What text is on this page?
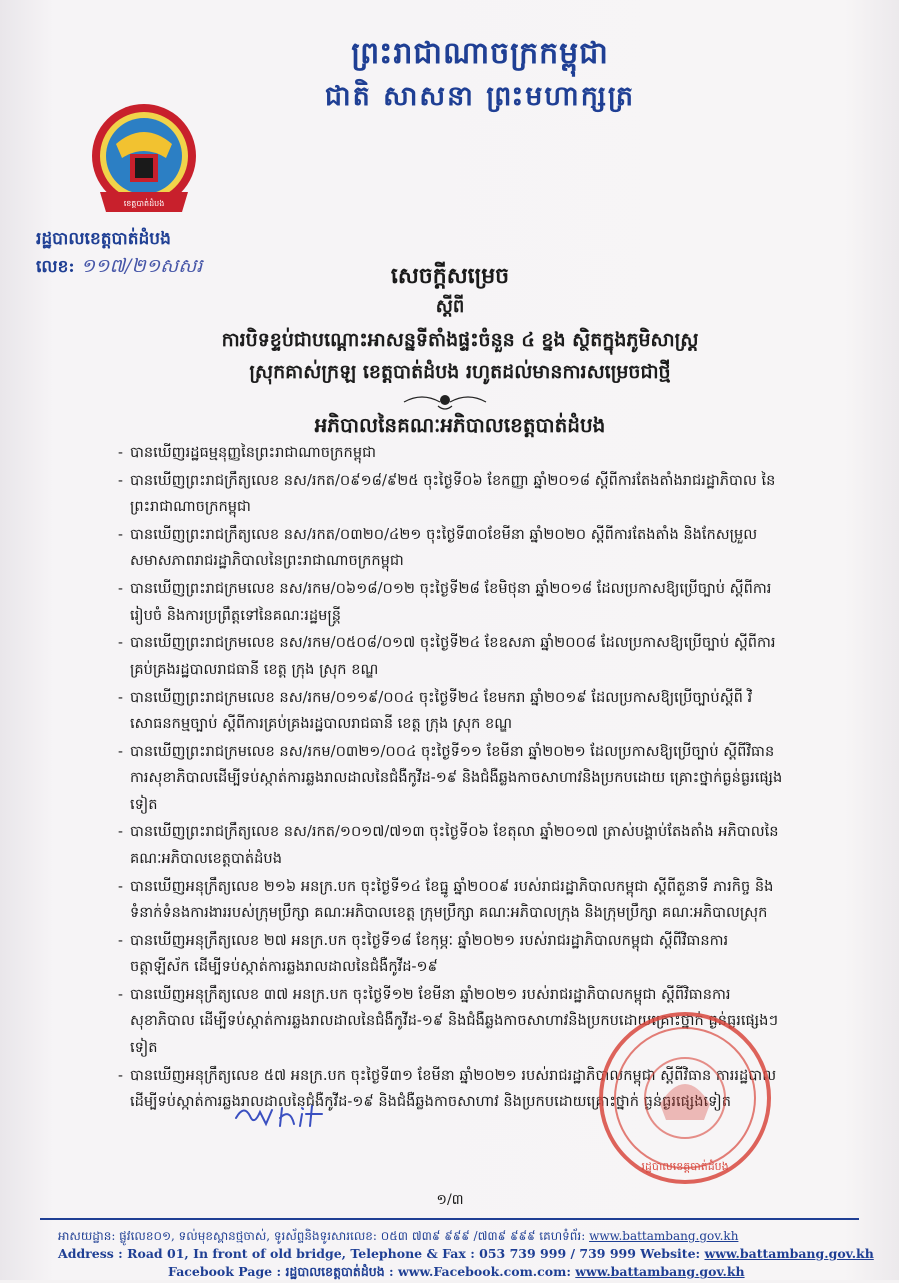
ព្រះរាជាណាចក្រកម្ពុជា
ជាតិ សាសនា ព្រះមហាក្សត្រ
ខេត្តបាត់ដំបង
រដ្ឋបាលខេត្តបាត់ដំបង
លេខ: ១១៧/២១សសរ	សេចក្តីសម្រេច
ស្តីពី
ការបិទខ្ទប់ជាបណ្តោះអាសន្នទីតាំងផ្ទះចំនួន ៤ ខ្នង ស្ថិតក្នុងភូមិសាស្ត្រ
ស្រុកគាស់ក្រឡ ខេត្តបាត់ដំបង រហូតដល់មានការសម្រេចជាថ្មី
អភិបាលនៃគណៈអភិបាលខេត្តបាត់ដំបង
- បានឃើញរដ្ឋធម្មនុញ្ញនៃព្រះរាជាណាចក្រកម្ពុជា
- បានឃើញព្រះរាជក្រឹត្យលេខ នស/រកត/០៩១៨/៩២៥ ចុះថ្ងៃទី០៦ ខែកញ្ញា ឆ្នាំ២០១៨ ស្តីពីការតែងតាំងរាជរដ្ឋាភិបាល នៃព្រះរាជាណាចក្រកម្ពុជា
- បានឃើញព្រះរាជក្រឹត្យលេខ នស/រកត/០៣២០/៤២១ ចុះថ្ងៃទី៣០ខែមីនា ឆ្នាំ២០២០ ស្តីពីការតែងតាំង និងកែសម្រួល សមាសភាពរាជរដ្ឋាភិបាលនៃព្រះរាជាណាចក្រកម្ពុជា
- បានឃើញព្រះរាជក្រមលេខ នស/រកម/០៦១៨/០១២ ចុះថ្ងៃទី២៨ ខែមិថុនា ឆ្នាំ២០១៨ ដែលប្រកាសឱ្យប្រើច្បាប់ ស្តីពីការរៀបចំ និងការប្រព្រឹត្តទៅនៃគណៈរដ្ឋមន្ត្រី
- បានឃើញព្រះរាជក្រមលេខ នស/រកម/០៥០៨/០១៧ ចុះថ្ងៃទី២៤ ខែឧសភា ឆ្នាំ២០០៨ ដែលប្រកាសឱ្យប្រើច្បាប់ ស្តីពីការ គ្រប់គ្រងរដ្ឋបាលរាជធានី ខេត្ត ក្រុង ស្រុក ខណ្ឌ
- បានឃើញព្រះរាជក្រមលេខ នស/រកម/០១១៩/០០៤ ចុះថ្ងៃទី២៤ ខែមករា ឆ្នាំ២០១៩ ដែលប្រកាសឱ្យប្រើច្បាប់ស្តីពី វិសោធនកម្មច្បាប់ ស្តីពីការគ្រប់គ្រងរដ្ឋបាលរាជធានី ខេត្ត ក្រុង ស្រុក ខណ្ឌ
- បានឃើញព្រះរាជក្រមលេខ នស/រកម/០៣២១/០០៤ ចុះថ្ងៃទី១១ ខែមីនា ឆ្នាំ២០២១ ដែលប្រកាសឱ្យប្រើច្បាប់ ស្តីពីវិធានការសុខាភិបាលដើម្បីទប់ស្កាត់ការឆ្លងរាលដាលនៃជំងឺកូវីដ-១៩ និងជំងឺឆ្លងកាចសាហាវនិងប្រកបដោយ គ្រោះថ្នាក់ធ្ងន់ធ្ងរផ្សេងទៀត
- បានឃើញព្រះរាជក្រឹត្យលេខ នស/រកត/១០១៧/៧១៣ ចុះថ្ងៃទី០៦ ខែតុលា ឆ្នាំ២០១៧ ត្រាស់បង្គាប់តែងតាំង អភិបាលនៃ គណៈអភិបាលខេត្តបាត់ដំបង
- បានឃើញអនុក្រឹត្យលេខ ២១៦ អនក្រ.បក ចុះថ្ងៃទី១៤ ខែធ្នូ ឆ្នាំ២០០៩ របស់រាជរដ្ឋាភិបាលកម្ពុជា ស្តីពីតួនាទី ភារកិច្ច និងទំនាក់ទំនងការងាររបស់ក្រុមប្រឹក្សា គណៈអភិបាលខេត្ត ក្រុមប្រឹក្សា គណៈអភិបាលក្រុង និងក្រុមប្រឹក្សា គណៈអភិបាលស្រុក
- បានឃើញអនុក្រឹត្យលេខ ២៧ អនក្រ.បក ចុះថ្ងៃទី១៨ ខែកុម្ភៈ ឆ្នាំ២០២១ របស់រាជរដ្ឋាភិបាលកម្ពុជា ស្តីពីវិធានការ ចត្តាឡីស័ក ដើម្បីទប់ស្កាត់ការឆ្លងរាលដាលនៃជំងឺកូវីដ-១៩
- បានឃើញអនុក្រឹត្យលេខ ៣៧ អនក្រ.បក ចុះថ្ងៃទី១២ ខែមីនា ឆ្នាំ២០២១ របស់រាជរដ្ឋាភិបាលកម្ពុជា ស្តីពីវិធានការ សុខាភិបាល ដើម្បីទប់ស្កាត់ការឆ្លងរាលដាលនៃជំងឺកូវីដ-១៩ និងជំងឺឆ្លងកាចសាហាវនិងប្រកបដោយគ្រោះថ្នាក់ ធ្ងន់ធ្ងរផ្សេងៗទៀត
- បានឃើញអនុក្រឹត្យលេខ ៥៧ អនក្រ.បក ចុះថ្ងៃទី៣១ ខែមីនា ឆ្នាំ២០២១ របស់រាជរដ្ឋាភិបាលកម្ពុជា ស្តីពីវិធាន ការរដ្ឋបាលដើម្បីទប់ស្កាត់ការឆ្លងរាលដាលនៃជំងឺកូវីដ-១៩ និងជំងឺឆ្លងកាចសាហាវ និងប្រកបដោយគ្រោះថ្នាក់ ធ្ងន់ធ្ងរផ្សេងទៀត
រដ្ឋបាលខេត្តបាត់ដំបង
១/៣
អាសយដ្ឋាន: ផ្លូវលេខ០១, ទល់មុខស្ពានថ្មចាស់, ទូរស័ព្ទនិងទូរសារលេខ: ០៥៣ ៧៣៩ ៩៩៩ /៧៣៩ ៩៩៩ គេហទំព័រ: www.battambang.gov.kh
Address : Road 01, In front of old bridge, Telephone & Fax : 053 739 999 / 739 999 Website: www.battambang.gov.kh
Facebook Page : រដ្ឋបាលខេត្តបាត់ដំបង : www.Facebook.com.com: www.battambang.gov.kh
